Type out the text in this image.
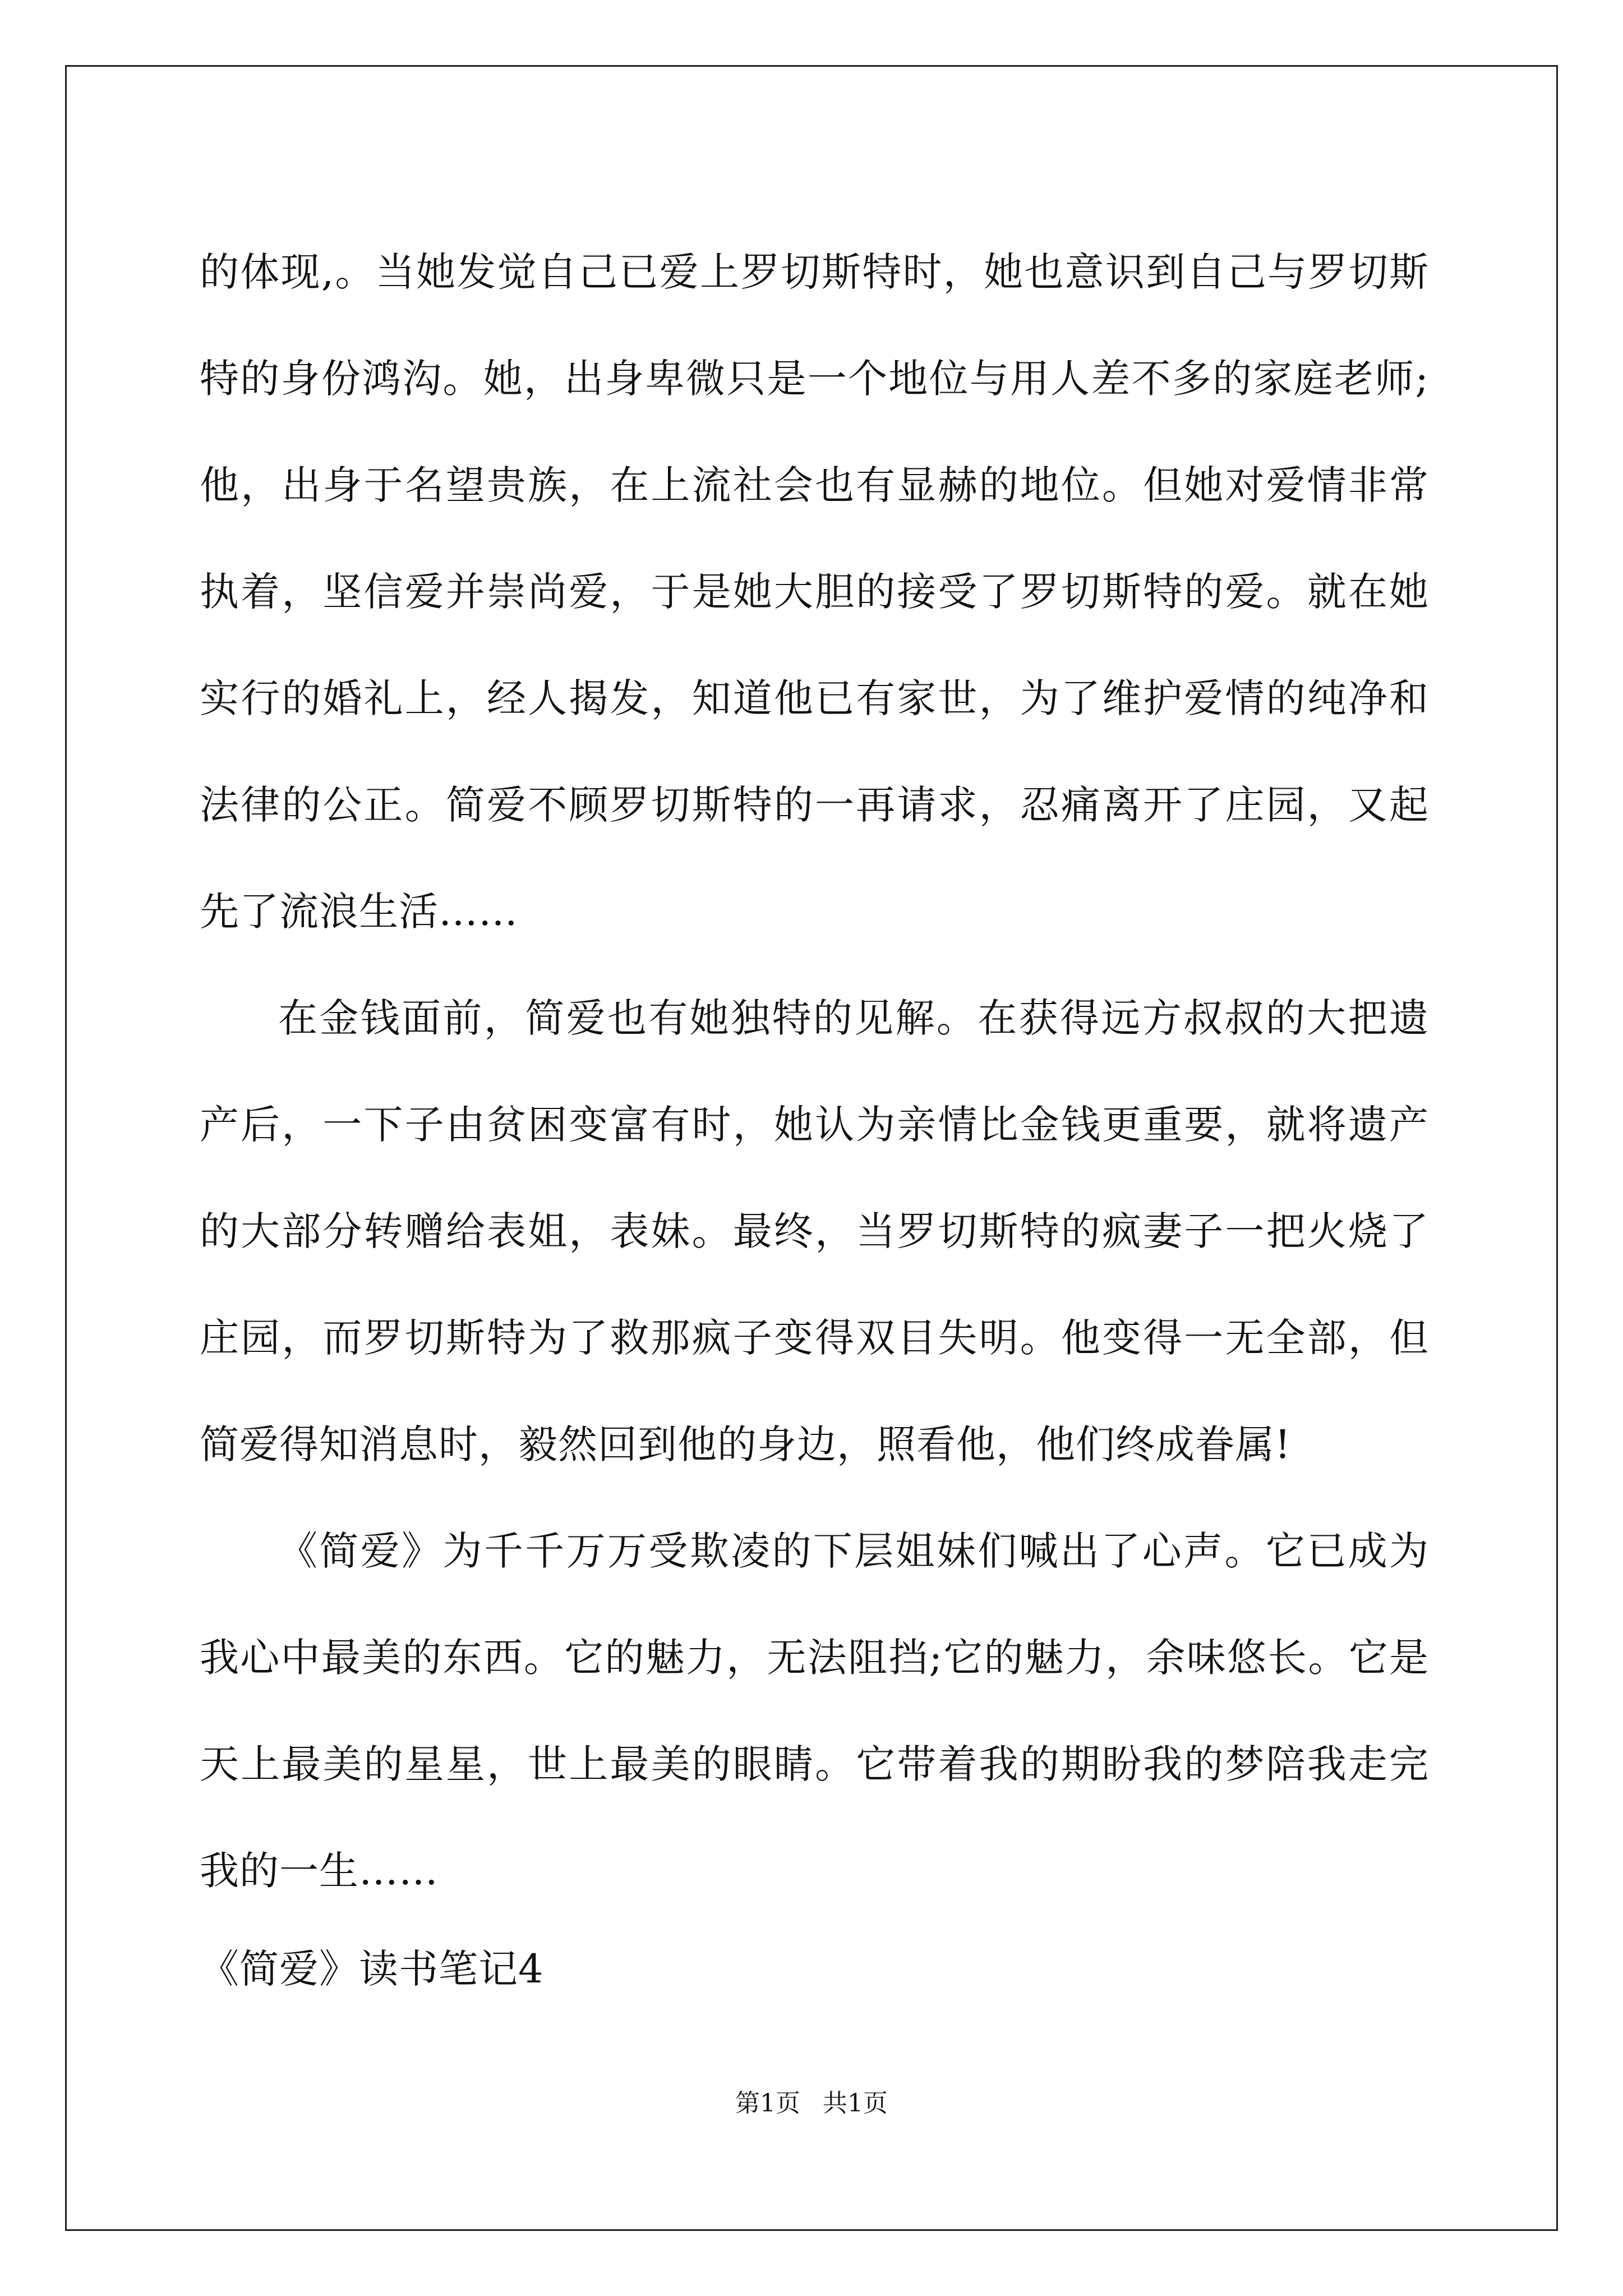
的体现,。当她发觉自己已爱上罗切斯特时，她也意识到自己与罗切斯特的身份鸿沟。她，出身卑微只是一个地位与用人差不多的家庭老师;他，出身于名望贵族，在上流社会也有显赫的地位。但她对爱情非常执着，坚信爱并崇尚爱，于是她大胆的接受了罗切斯特的爱。就在她实行的婚礼上，经人揭发，知道他已有家世，为了维护爱情的纯净和法律的公正。简爱不顾罗切斯特的一再请求，忍痛离开了庄园，又起先了流浪生活……

在金钱面前，简爱也有她独特的见解。在获得远方叔叔的大把遗产后，一下子由贫困变富有时，她认为亲情比金钱更重要，就将遗产的大部分转赠给表姐，表妹。最终，当罗切斯特的疯妻子一把火烧了庄园，而罗切斯特为了救那疯子变得双目失明。他变得一无全部，但简爱得知消息时，毅然回到他的身边，照看他，他们终成眷属!

《简爱》为千千万万受欺凌的下层姐妹们喊出了心声。它已成为我心中最美的东西。它的魅力，无法阻挡;它的魅力，余味悠长。它是天上最美的星星，世上最美的眼睛。它带着我的期盼我的梦陪我走完我的一生……

《简爱》读书笔记4

第1页 共1页
